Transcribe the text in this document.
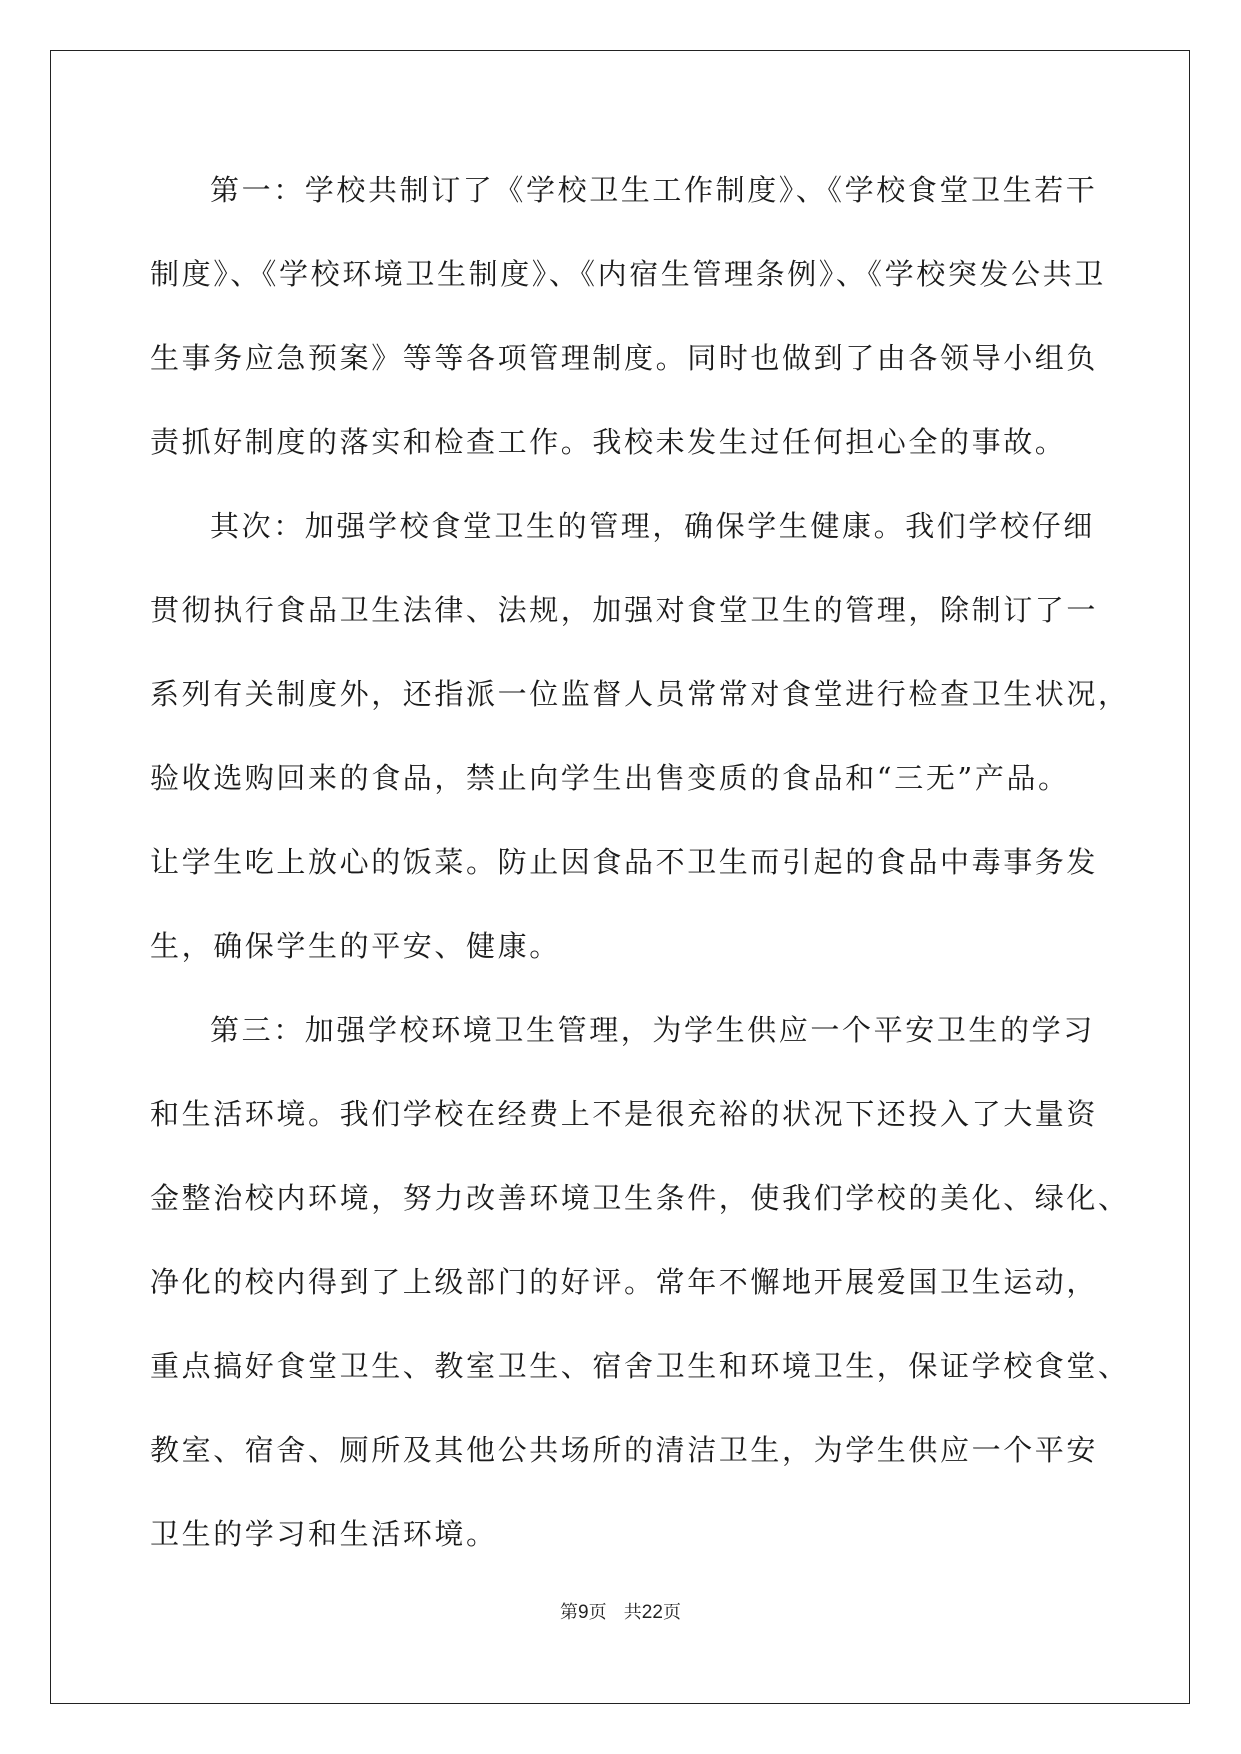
第一：学校共制订了《学校卫生工作制度》、《学校食堂卫生若干
制度》、《学校环境卫生制度》、《内宿生管理条例》、《学校突发公共卫
生事务应急预案》等等各项管理制度。同时也做到了由各领导小组负
责抓好制度的落实和检查工作。我校未发生过任何担心全的事故。
其次：加强学校食堂卫生的管理，确保学生健康。我们学校仔细
贯彻执行食品卫生法律、法规，加强对食堂卫生的管理，除制订了一
系列有关制度外，还指派一位监督人员常常对食堂进行检查卫生状况，
验收选购回来的食品，禁止向学生出售变质的食品和“三无”产品。
让学生吃上放心的饭菜。防止因食品不卫生而引起的食品中毒事务发
生，确保学生的平安、健康。
第三：加强学校环境卫生管理，为学生供应一个平安卫生的学习
和生活环境。我们学校在经费上不是很充裕的状况下还投入了大量资
金整治校内环境，努力改善环境卫生条件，使我们学校的美化、绿化、
净化的校内得到了上级部门的好评。常年不懈地开展爱国卫生运动，
重点搞好食堂卫生、教室卫生、宿舍卫生和环境卫生，保证学校食堂、
教室、宿舍、厕所及其他公共场所的清洁卫生，为学生供应一个平安
卫生的学习和生活环境。
第9页 共22页
